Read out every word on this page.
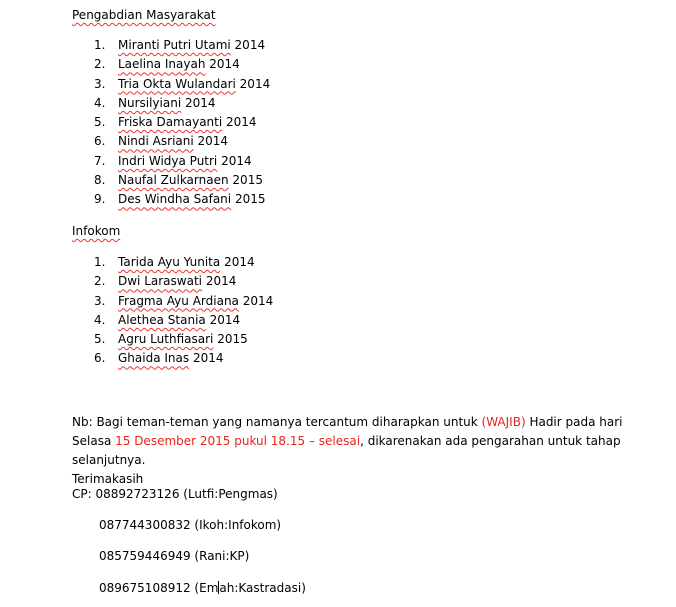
Pengabdian Masyarakat
1. Miranti Putri Utami 2014
2. Laelina Inayah 2014
3. Tria Okta Wulandari 2014
4. Nursilyiani 2014
5. Friska Damayanti 2014
6. Nindi Asriani 2014
7. Indri Widya Putri 2014
8. Naufal Zulkarnaen 2015
9. Des Windha Safani 2015
Infokom
1. Tarida Ayu Yunita 2014
2. Dwi Laraswati 2014
3. Fragma Ayu Ardiana 2014
4. Alethea Stania 2014
5. Agru Luthfiasari 2015
6. Ghaida Inas 2014
Nb: Bagi teman-teman yang namanya tercantum diharapkan untuk (WAJIB) Hadir pada hari Selasa 15 Desember 2015 pukul 18.15 – selesai, dikarenakan ada pengarahan untuk tahap selanjutnya.
Terimakasih
CP: 08892723126 (Lutfi:Pengmas)
087744300832 (Ikoh:Infokom)
085759446949 (Rani:KP)
089675108912 (Emah:Kastradasi)
